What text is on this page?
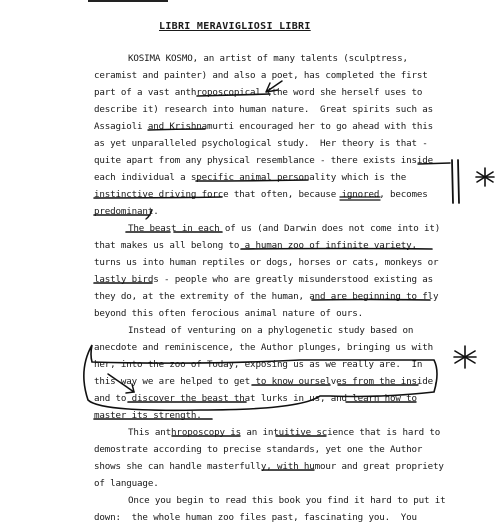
LIBRI MERAVIGLIOSI LIBRI
KOSIMA KOSMO, an artist of many talents (sculptress,
ceramist and painter) and also a poet, has completed the first
part of a vast anthroposcopical (the word she herself uses to
describe it) research into human nature.  Great spirits such as
Assagioli and Krishnamurti encouraged her to go ahead with this
as yet unparalleled psychological study.  Her theory is that -
quite apart from any physical resemblance - there exists inside
each individual a specific animal personality which is the
instinctive driving force that often, because ignored, becomes
predominant.
The beast in each of us (and Darwin does not come into it)
that makes us all belong to a human zoo of infinite variety,
turns us into human reptiles or dogs, horses or cats, monkeys or
lastly birds - people who are greatly misunderstood existing as
they do, at the extremity of the human, and are beginning to fly
beyond this often ferocious animal nature of ours.
Instead of venturing on a phylogenetic study based on
anecdote and reminiscence, the Author plunges, bringing us with
her, into the zoo of Today, exposing us as we really are.  In
this way we are helped to get to know ourselves from the inside,
and to discover the beast that lurks in us, and learn how to
master its strength.
This anthroposcopy is an intuitive science that is hard to
demostrate according to precise standards, yet one the Author
shows she can handle masterfully, with humour and great propriety
of language.
Once you begin to read this book you find it hard to put it
down:  the whole human zoo files past, fascinating you.  You
